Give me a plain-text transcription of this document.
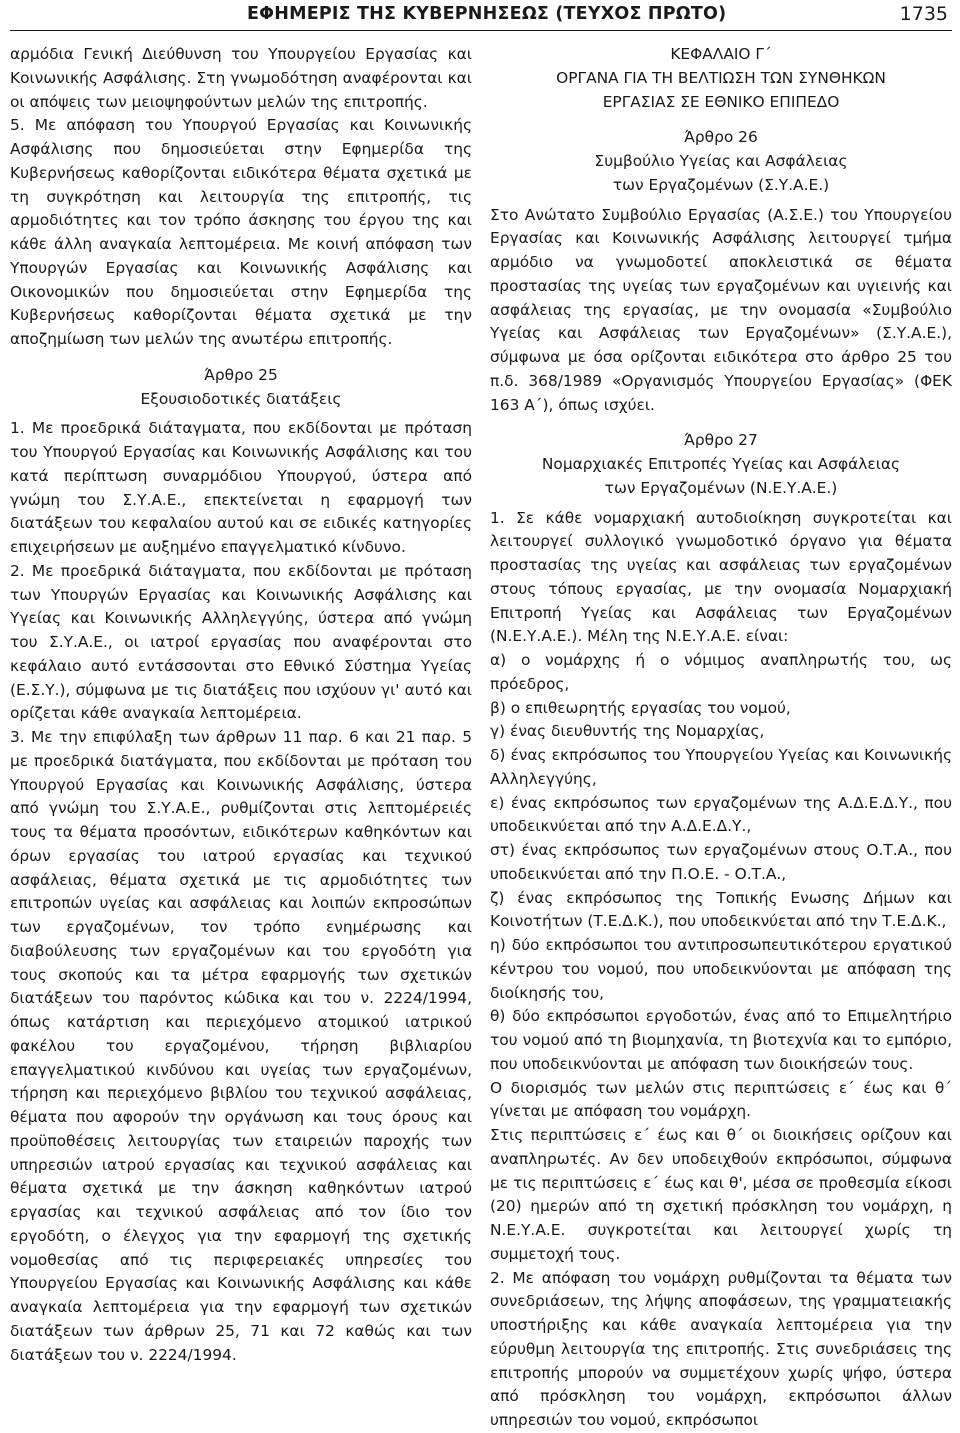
ΕΦΗΜΕΡΙΣ ΤΗΣ ΚΥΒΕΡΝΗΣΕΩΣ (ΤΕΥΧΟΣ ΠΡΩΤΟ)	1735

αρμόδια Γενική Διεύθυνση του Υπουργείου Εργασίας και Κοινωνικής Ασφάλισης. Στη γνωμοδότηση αναφέρονται και οι απόψεις των μειοψηφούντων μελών της επιτροπής.

5. Με απόφαση του Υπουργού Εργασίας και Κοινωνικής Ασφάλισης που δημοσιεύεται στην Εφημερίδα της Κυβερνήσεως καθορίζονται ειδικότερα θέματα σχετικά με τη συγκρότηση και λειτουργία της επιτροπής, τις αρμοδιότητες και τον τρόπο άσκησης του έργου της και κάθε άλλη αναγκαία λεπτομέρεια. Με κοινή απόφαση των Υπουργών Εργασίας και Κοινωνικής Ασφάλισης και Οικονομικών που δημοσιεύεται στην Εφημερίδα της Κυβερνήσεως καθορίζονται θέματα σχετικά με την αποζημίωση των μελών της ανωτέρω επιτροπής.

Άρθρο 25
Εξουσιοδοτικές διατάξεις

1. Με προεδρικά διάταγματα, που εκδίδονται με πρόταση του Υπουργού Εργασίας και Κοινωνικής Ασφάλισης και του κατά περίπτωση συναρμόδιου Υπουργού, ύστερα από γνώμη του Σ.Υ.Α.Ε., επεκτείνεται η εφαρμογή των διατάξεων του κεφαλαίου αυτού και σε ειδικές κατηγορίες επιχειρήσεων με αυξημένο επαγγελματικό κίνδυνο.

2. Με προεδρικά διάταγματα, που εκδίδονται με πρόταση των Υπουργών Εργασίας και Κοινωνικής Ασφάλισης και Υγείας και Κοινωνικής Αλληλεγγύης, ύστερα από γνώμη του Σ.Υ.Α.Ε., οι ιατροί εργασίας που αναφέρονται στο κεφάλαιο αυτό εντάσσονται στο Εθνικό Σύστημα Υγείας (Ε.Σ.Υ.), σύμφωνα με τις διατάξεις που ισχύουν γι' αυτό και ορίζεται κάθε αναγκαία λεπτομέρεια.

3. Με την επιφύλαξη των άρθρων 11 παρ. 6 και 21 παρ. 5 με προεδρικά διατάγματα, που εκδίδονται με πρόταση του Υπουργού Εργασίας και Κοινωνικής Ασφάλισης, ύστερα από γνώμη του Σ.Υ.Α.Ε., ρυθμίζονται στις λεπτομέρειές τους τα θέματα προσόντων, ειδικότερων καθηκόντων και όρων εργασίας του ιατρού εργασίας και τεχνικού ασφάλειας, θέματα σχετικά με τις αρμοδιότητες των επιτροπών υγείας και ασφάλειας και λοιπών εκπροσώπων των εργαζομένων, τον τρόπο ενημέρωσης και διαβούλευσης των εργαζομένων και του εργοδότη για τους σκοπούς και τα μέτρα εφαρμογής των σχετικών διατάξεων του παρόντος κώδικα και του ν. 2224/1994, όπως κατάρτιση και περιεχόμενο ατομικού ιατρικού φακέλου του εργαζομένου, τήρηση βιβλιαρίου επαγγελματικού κινδύνου και υγείας των εργαζομένων, τήρηση και περιεχόμενο βιβλίου του τεχνικού ασφάλειας, θέματα που αφορούν την οργάνωση και τους όρους και προϋποθέσεις λειτουργίας των εταιρειών παροχής των υπηρεσιών ιατρού εργασίας και τεχνικού ασφάλειας και θέματα σχετικά με την άσκηση καθηκόντων ιατρού εργασίας και τεχνικού ασφάλειας από τον ίδιο τον εργοδότη, ο έλεγχος για την εφαρμογή της σχετικής νομοθεσίας από τις περιφερειακές υπηρεσίες του Υπουργείου Εργασίας και Κοινωνικής Ασφάλισης και κάθε αναγκαία λεπτομέρεια για την εφαρμογή των σχετικών διατάξεων των άρθρων 25, 71 και 72 καθώς και των διατάξεων του ν. 2224/1994.

ΚΕΦΑΛΑΙΟ Γ΄
ΟΡΓΑΝΑ ΓΙΑ ΤΗ ΒΕΛΤΙΩΣΗ ΤΩΝ ΣΥΝΘΗΚΩΝ
ΕΡΓΑΣΙΑΣ ΣΕ ΕΘΝΙΚΟ ΕΠΙΠΕΔΟ
Άρθρο 26
Συμβούλιο Υγείας και Ασφάλειας
των Εργαζομένων (Σ.Υ.Α.Ε.)

Στο Ανώτατο Συμβούλιο Εργασίας (Α.Σ.Ε.) του Υπουργείου Εργασίας και Κοινωνικής Ασφάλισης λειτουργεί τμήμα αρμόδιο να γνωμοδοτεί αποκλειστικά σε θέματα προστασίας της υγείας των εργαζομένων και υγιεινής και ασφάλειας της εργασίας, με την ονομασία «Συμβούλιο Υγείας και Ασφάλειας των Εργαζομένων» (Σ.Υ.Α.Ε.), σύμφωνα με όσα ορίζονται ειδικότερα στο άρθρο 25 του π.δ. 368/1989 «Οργανισμός Υπουργείου Εργασίας» (ΦΕΚ 163 Α΄), όπως ισχύει.

Άρθρο 27
Νομαρχιακές Επιτροπές Υγείας και Ασφάλειας
των Εργαζομένων (Ν.Ε.Υ.Α.Ε.)

1. Σε κάθε νομαρχιακή αυτοδιοίκηση συγκροτείται και λειτουργεί συλλογικό γνωμοδοτικό όργανο για θέματα προστασίας της υγείας και ασφάλειας των εργαζομένων στους τόπους εργασίας, με την ονομασία Νομαρχιακή Επιτροπή Υγείας και Ασφάλειας των Εργαζομένων (Ν.Ε.Υ.Α.Ε.). Μέλη της Ν.Ε.Υ.Α.Ε. είναι:

α) ο νομάρχης ή ο νόμιμος αναπληρωτής του, ως πρόεδρος,

β) ο επιθεωρητής εργασίας του νομού,

γ) ένας διευθυντής της Νομαρχίας,

δ) ένας εκπρόσωπος του Υπουργείου Υγείας και Κοινωνικής Αλληλεγγύης,

ε) ένας εκπρόσωπος των εργαζομένων της Α.Δ.Ε.Δ.Υ., που υποδεικνύεται από την Α.Δ.Ε.Δ.Υ.,

στ) ένας εκπρόσωπος των εργαζομένων στους Ο.Τ.Α., που υποδεικνύεται από την Π.Ο.Ε. - Ο.Τ.Α.,

ζ) ένας εκπρόσωπος της Τοπικής Ενωσης Δήμων και Κοινοτήτων (Τ.Ε.Δ.Κ.), που υποδεικνύεται από την Τ.Ε.Δ.Κ.,

η) δύο εκπρόσωποι του αντιπροσωπευτικότερου εργατικού κέντρου του νομού, που υποδεικνύονται με απόφαση της διοίκησής του,

θ) δύο εκπρόσωποι εργοδοτών, ένας από το Επιμελητήριο του νομού από τη βιομηχανία, τη βιοτεχνία και το εμπόριο, που υποδεικνύονται με απόφαση των διοικήσεών τους.

Ο διορισμός των μελών στις περιπτώσεις ε΄ έως και θ΄ γίνεται με απόφαση του νομάρχη.

Στις περιπτώσεις ε΄ έως και θ΄ οι διοικήσεις ορίζουν και αναπληρωτές. Αν δεν υποδειχθούν εκπρόσωποι, σύμφωνα με τις περιπτώσεις ε΄ έως και θ', μέσα σε προθεσμία είκοσι (20) ημερών από τη σχετική πρόσκληση του νομάρχη, η Ν.Ε.Υ.Α.Ε. συγκροτείται και λειτουργεί χωρίς τη συμμετοχή τους.

2. Με απόφαση του νομάρχη ρυθμίζονται τα θέματα των συνεδριάσεων, της λήψης αποφάσεων, της γραμματειακής υποστήριξης και κάθε αναγκαία λεπτομέρεια για την εύρυθμη λειτουργία της επιτροπής. Στις συνεδριάσεις της επιτροπής μπορούν να συμμετέχουν χωρίς ψήφο, ύστερα από πρόσκληση του νομάρχη, εκπρόσωποι άλλων υπηρεσιών του νομού, εκπρόσωποι
